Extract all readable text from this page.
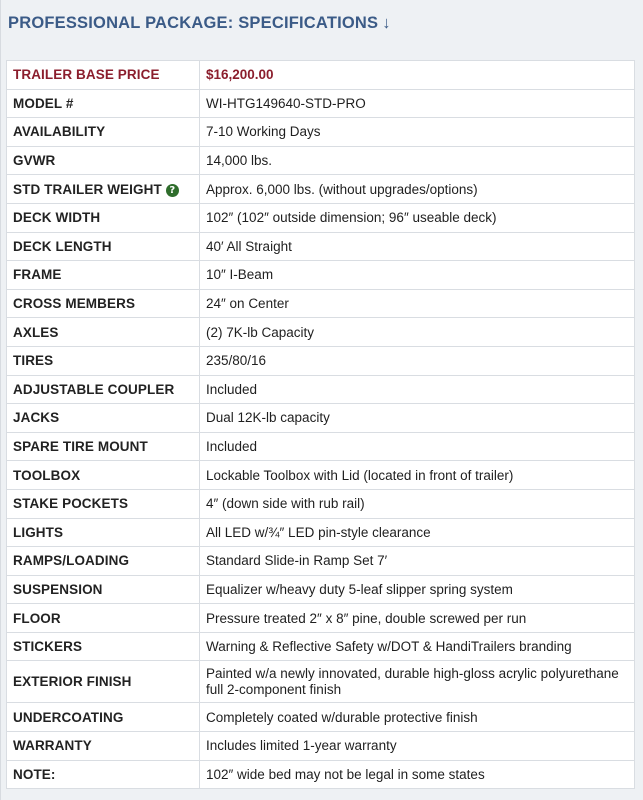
PROFESSIONAL PACKAGE: SPECIFICATIONS ↓
TRAILER BASE PRICE	$16,200.00
MODEL #	WI-HTG149640-STD-PRO
AVAILABILITY	7-10 Working Days
GVWR	14,000 lbs.
STD TRAILER WEIGHT ?	Approx. 6,000 lbs. (without upgrades/options)
DECK WIDTH	102″ (102″ outside dimension; 96″ useable deck)
DECK LENGTH	40′ All Straight
FRAME	10″ I-Beam
CROSS MEMBERS	24″ on Center
AXLES	(2) 7K-lb Capacity
TIRES	235/80/16
ADJUSTABLE COUPLER	Included
JACKS	Dual 12K-lb capacity
SPARE TIRE MOUNT	Included
TOOLBOX	Lockable Toolbox with Lid (located in front of trailer)
STAKE POCKETS	4″ (down side with rub rail)
LIGHTS	All LED w/¾″ LED pin-style clearance
RAMPS/LOADING	Standard Slide-in Ramp Set 7′
SUSPENSION	Equalizer w/heavy duty 5-leaf slipper spring system
FLOOR	Pressure treated 2″ x 8″ pine, double screwed per run
STICKERS	Warning & Reflective Safety w/DOT & HandiTrailers branding
EXTERIOR FINISH	Painted w/a newly innovated, durable high-gloss acrylic polyurethane full 2-component finish
UNDERCOATING	Completely coated w/durable protective finish
WARRANTY	Includes limited 1-year warranty
NOTE:	102″ wide bed may not be legal in some states
